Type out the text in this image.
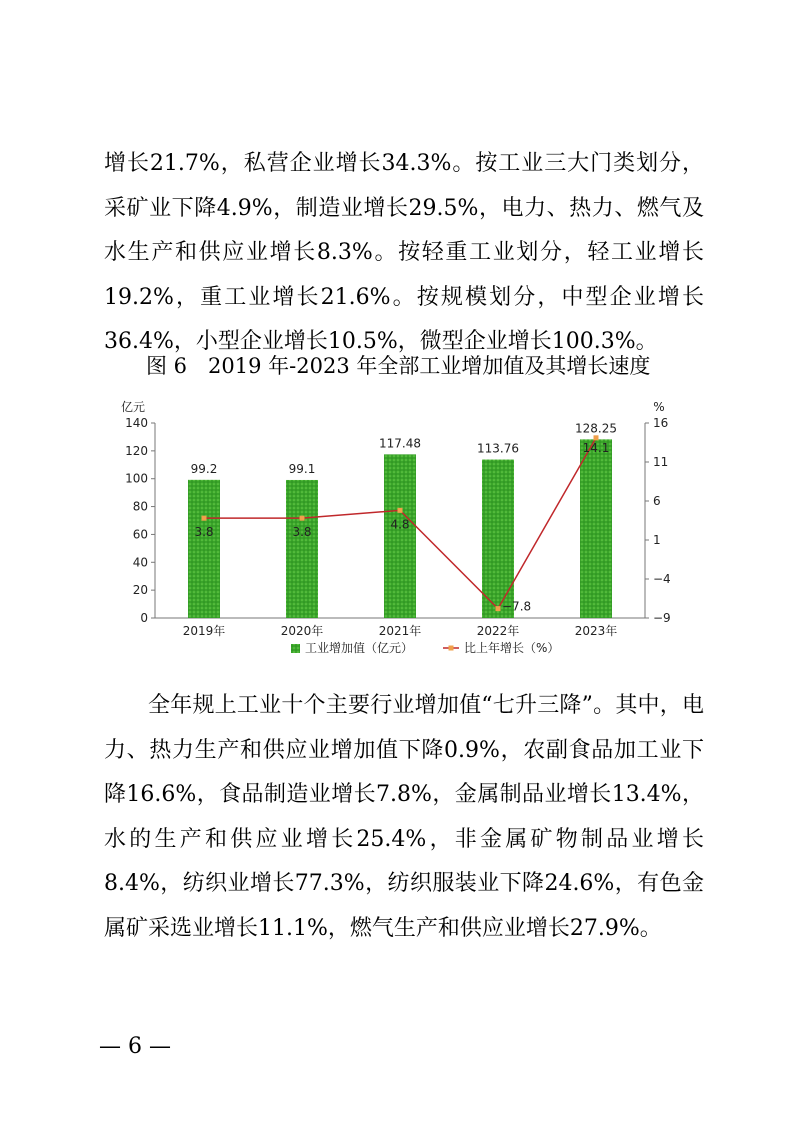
增长21.7%，私营企业增长34.3%。按工业三大门类划分，采矿业下降4.9%，制造业增长29.5%，电力、热力、燃气及水生产和供应业增长8.3%。按轻重工业划分，轻工业增长19.2%，重工业增长21.6%。按规模划分，中型企业增长36.4%，小型企业增长10.5%，微型企业增长100.3%。

图 6　2019 年-2023 年全部工业增加值及其增长速度
140
120
100
80
60
40
20
0
亿元
16
11
6
1
−4
−9
%
99.2	99.1
117.48	113.76
128.25
2019年	2020年	2021年	2022年	2023年
3.8	3.8
4.8
−7.8
14.1
工业增加值（亿元）	比上年增长（%）

全年规上工业十个主要行业增加值“七升三降”。其中，电力、热力生产和供应业增加值下降0.9%，农副食品加工业下降16.6%，食品制造业增长7.8%，金属制品业增长13.4%，水的生产和供应业增长25.4%，非金属矿物制品业增长8.4%，纺织业增长77.3%，纺织服装业下降24.6%，有色金属矿采选业增长11.1%，燃气生产和供应业增长27.9%。

— 6 —
